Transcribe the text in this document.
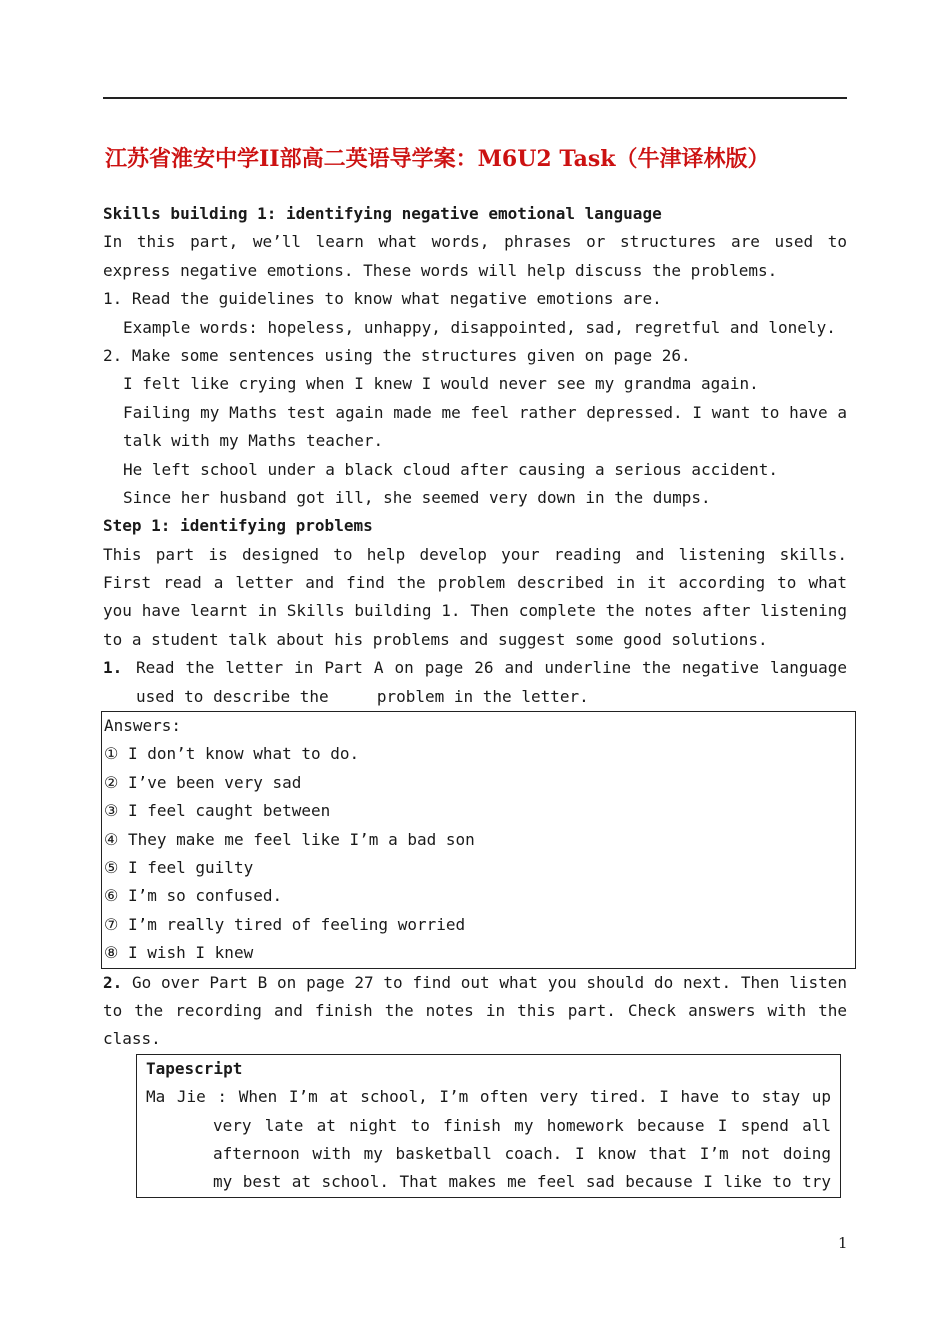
江苏省淮安中学II部高二英语导学案：M6U2 Task（牛津译林版）
Skills building 1: identifying negative emotional language
In this part, we’ll learn what words, phrases or structures are used to
express negative emotions. These words will help discuss the problems.
1. Read the guidelines to know what negative emotions are.
Example words: hopeless, unhappy, disappointed, sad, regretful and lonely.
2. Make some sentences using the structures given on page 26.
I felt like crying when I knew I would never see my grandma again.
Failing my Maths test again made me feel rather depressed. I want to have a
talk with my Maths teacher.
He left school under a black cloud after causing a serious accident.
Since her husband got ill, she seemed very down in the dumps.
Step 1: identifying problems
This part is designed to help develop your reading and listening skills.
First read a letter and find the problem described in it according to what
you have learnt in Skills building 1. Then complete the notes after listening
to a student talk about his problems and suggest some good solutions.
1. Read the letter in Part A on page 26 and underline the negative language
used to describe the     problem in the letter.
Answers:
① I don’t know what to do.
② I’ve been very sad
③ I feel caught between
④ They make me feel like I’m a bad son
⑤ I feel guilty
⑥ I’m so confused.
⑦ I’m really tired of feeling worried
⑧ I wish I knew
2. Go over Part B on page 27 to find out what you should do next. Then listen
to the recording and finish the notes in this part. Check answers with the
class.
Tapescript
Ma Jie : When I’m at school, I’m often very tired. I have to stay up
very late at night to finish my homework because I spend all
afternoon with my basketball coach. I know that I’m not doing
my best at school. That makes me feel sad because I like to try
1
